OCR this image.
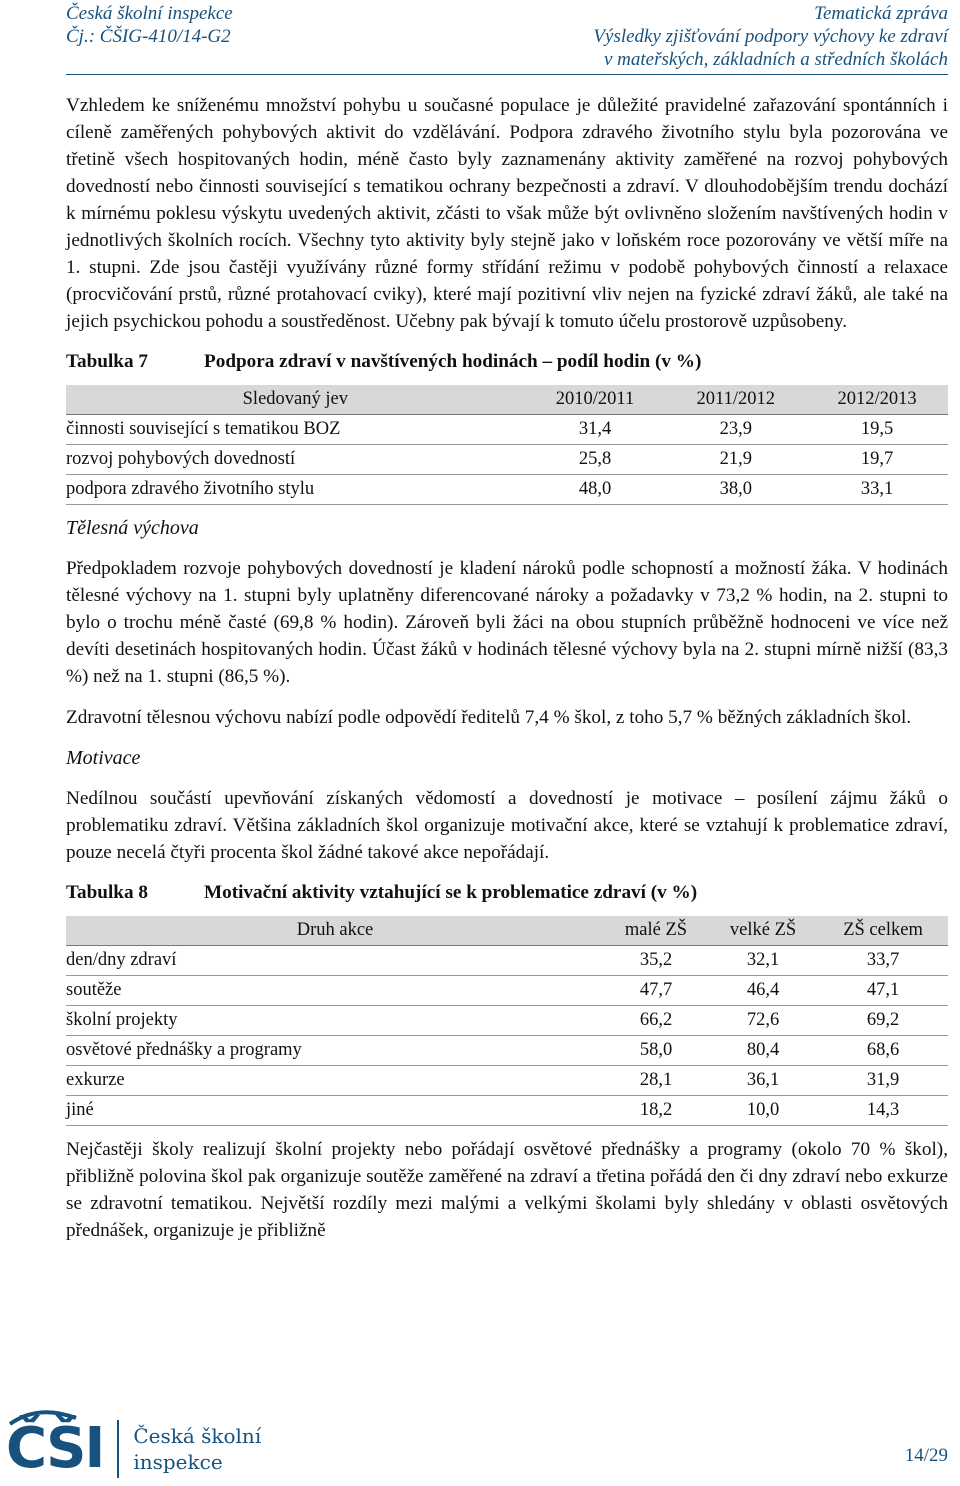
Česká školní inspekce
Čj.: ČŠIG-410/14-G2
Tematická zpráva
Výsledky zjišťování podpory výchovy ke zdraví
v mateřských, základních a středních školách

Vzhledem ke sníženému množství pohybu u současné populace je důležité pravidelné zařazování spontánních i cíleně zaměřených pohybových aktivit do vzdělávání. Podpora zdravého životního stylu byla pozorována ve třetině všech hospitovaných hodin, méně často byly zaznamenány aktivity zaměřené na rozvoj pohybových dovedností nebo činnosti související s tematikou ochrany bezpečnosti a zdraví. V dlouhodobějším trendu dochází k mírnému poklesu výskytu uvedených aktivit, zčásti to však může být ovlivněno složením navštívených hodin v jednotlivých školních rocích. Všechny tyto aktivity byly stejně jako v loňském roce pozorovány ve větší míře na 1. stupni. Zde jsou častěji využívány různé formy střídání režimu v podobě pohybových činností a relaxace (procvičování prstů, různé protahovací cviky), které mají pozitivní vliv nejen na fyzické zdraví žáků, ale také na jejich psychickou pohodu a soustředěnost. Učebny pak bývají k tomuto účelu prostorově uzpůsobeny.

Tabulka 7	Podpora zdraví v navštívených hodinách – podíl hodin (v %)
Sledovaný jev	2010/2011	2011/2012	2012/2013
činnosti související s tematikou BOZ	31,4	23,9	19,5
rozvoj pohybových dovedností	25,8	21,9	19,7
podpora zdravého životního stylu	48,0	38,0	33,1
Tělesná výchova

Předpokladem rozvoje pohybových dovedností je kladení nároků podle schopností a možností žáka. V hodinách tělesné výchovy na 1. stupni byly uplatněny diferencované nároky a požadavky v 73,2 % hodin, na 2. stupni to bylo o trochu méně časté (69,8 % hodin). Zároveň byli žáci na obou stupních průběžně hodnoceni ve více než devíti desetinách hospitovaných hodin. Účast žáků v hodinách tělesné výchovy byla na 2. stupni mírně nižší (83,3 %) než na 1. stupni (86,5 %).

Zdravotní tělesnou výchovu nabízí podle odpovědí ředitelů 7,4 % škol, z toho 5,7 % běžných základních škol.

Motivace

Nedílnou součástí upevňování získaných vědomostí a dovedností je motivace – posílení zájmu žáků o problematiku zdraví. Většina základních škol organizuje motivační akce, které se vztahují k problematice zdraví, pouze necelá čtyři procenta škol žádné takové akce nepořádají.

Tabulka 8	Motivační aktivity vztahující se k problematice zdraví (v %)
Druh akce	malé ZŠ	velké ZŠ	ZŠ celkem
den/dny zdraví	35,2	32,1	33,7
soutěže	47,7	46,4	47,1
školní projekty	66,2	72,6	69,2
osvětové přednášky a programy	58,0	80,4	68,6
exkurze	28,1	36,1	31,9
jiné	18,2	10,0	14,3

Nejčastěji školy realizují školní projekty nebo pořádají osvětové přednášky a programy (okolo 70 % škol), přibližně polovina škol pak organizuje soutěže zaměřené na zdraví a třetina pořádá den či dny zdraví nebo exkurze se zdravotní tematikou. Největší rozdíly mezi malými a velkými školami byly shledány v oblasti osvětových přednášek, organizuje je přibližně

ČŠI Česká školní
inspekce	14/29
